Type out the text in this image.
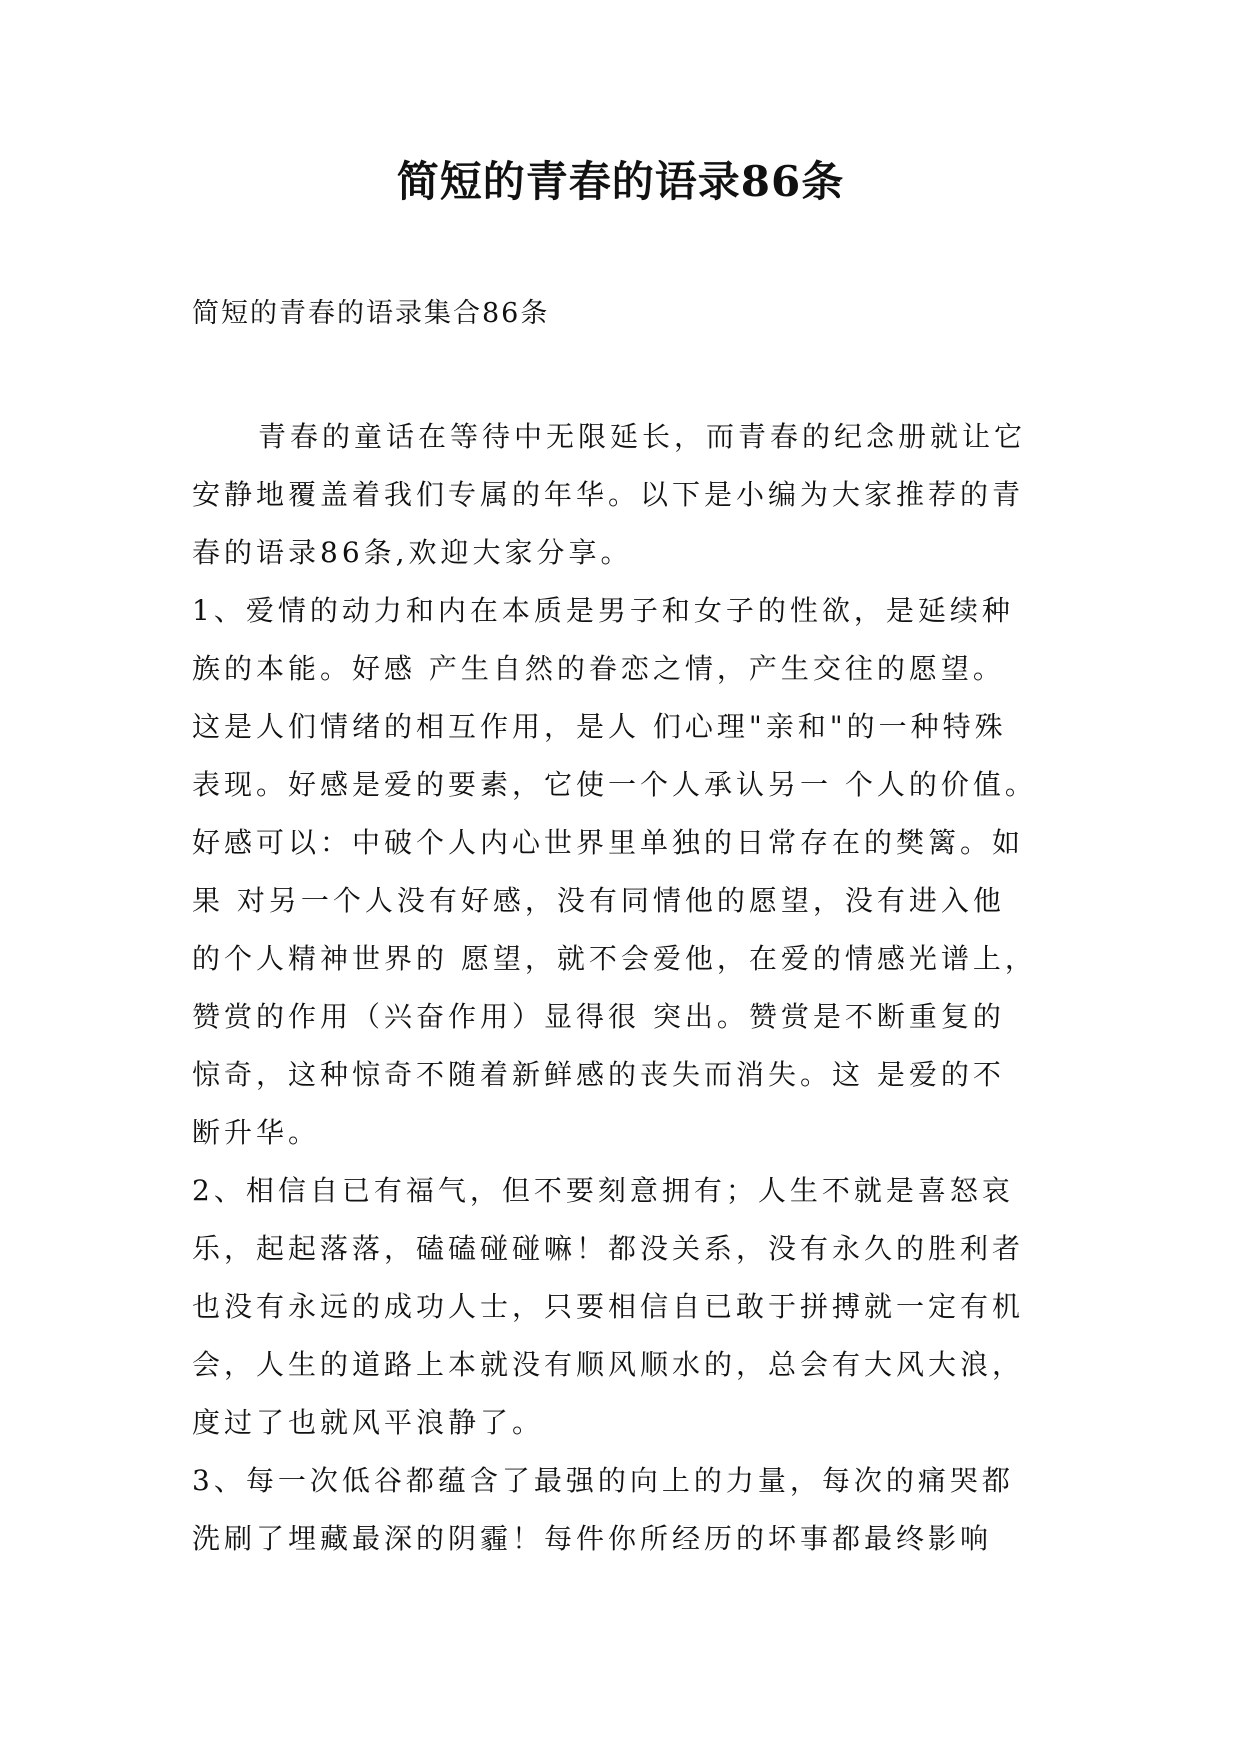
简短的青春的语录86条
简短的青春的语录集合86条
青春的童话在等待中无限延长，而青春的纪念册就让它
安静地覆盖着我们专属的年华。以下是小编为大家推荐的青
春的语录86条,欢迎大家分享。
1、爱情的动力和内在本质是男子和女子的性欲，是延续种
族的本能。好感 产生自然的眷恋之情，产生交往的愿望。
这是人们情绪的相互作用，是人 们心理"亲和"的一种特殊
表现。好感是爱的要素，它使一个人承认另一 个人的价值。
好感可以：中破个人内心世界里单独的日常存在的樊篱。如
果 对另一个人没有好感，没有同情他的愿望，没有进入他
的个人精神世界的 愿望，就不会爱他，在爱的情感光谱上，
赞赏的作用（兴奋作用）显得很 突出。赞赏是不断重复的
惊奇，这种惊奇不随着新鲜感的丧失而消失。这 是爱的不
断升华。
2、相信自已有福气，但不要刻意拥有；人生不就是喜怒哀
乐，起起落落，磕磕碰碰嘛！都没关系，没有永久的胜利者
也没有永远的成功人士，只要相信自已敢于拼搏就一定有机
会，人生的道路上本就没有顺风顺水的，总会有大风大浪，
度过了也就风平浪静了。
3、每一次低谷都蕴含了最强的向上的力量，每次的痛哭都
洗刷了埋藏最深的阴霾！每件你所经历的坏事都最终影响
